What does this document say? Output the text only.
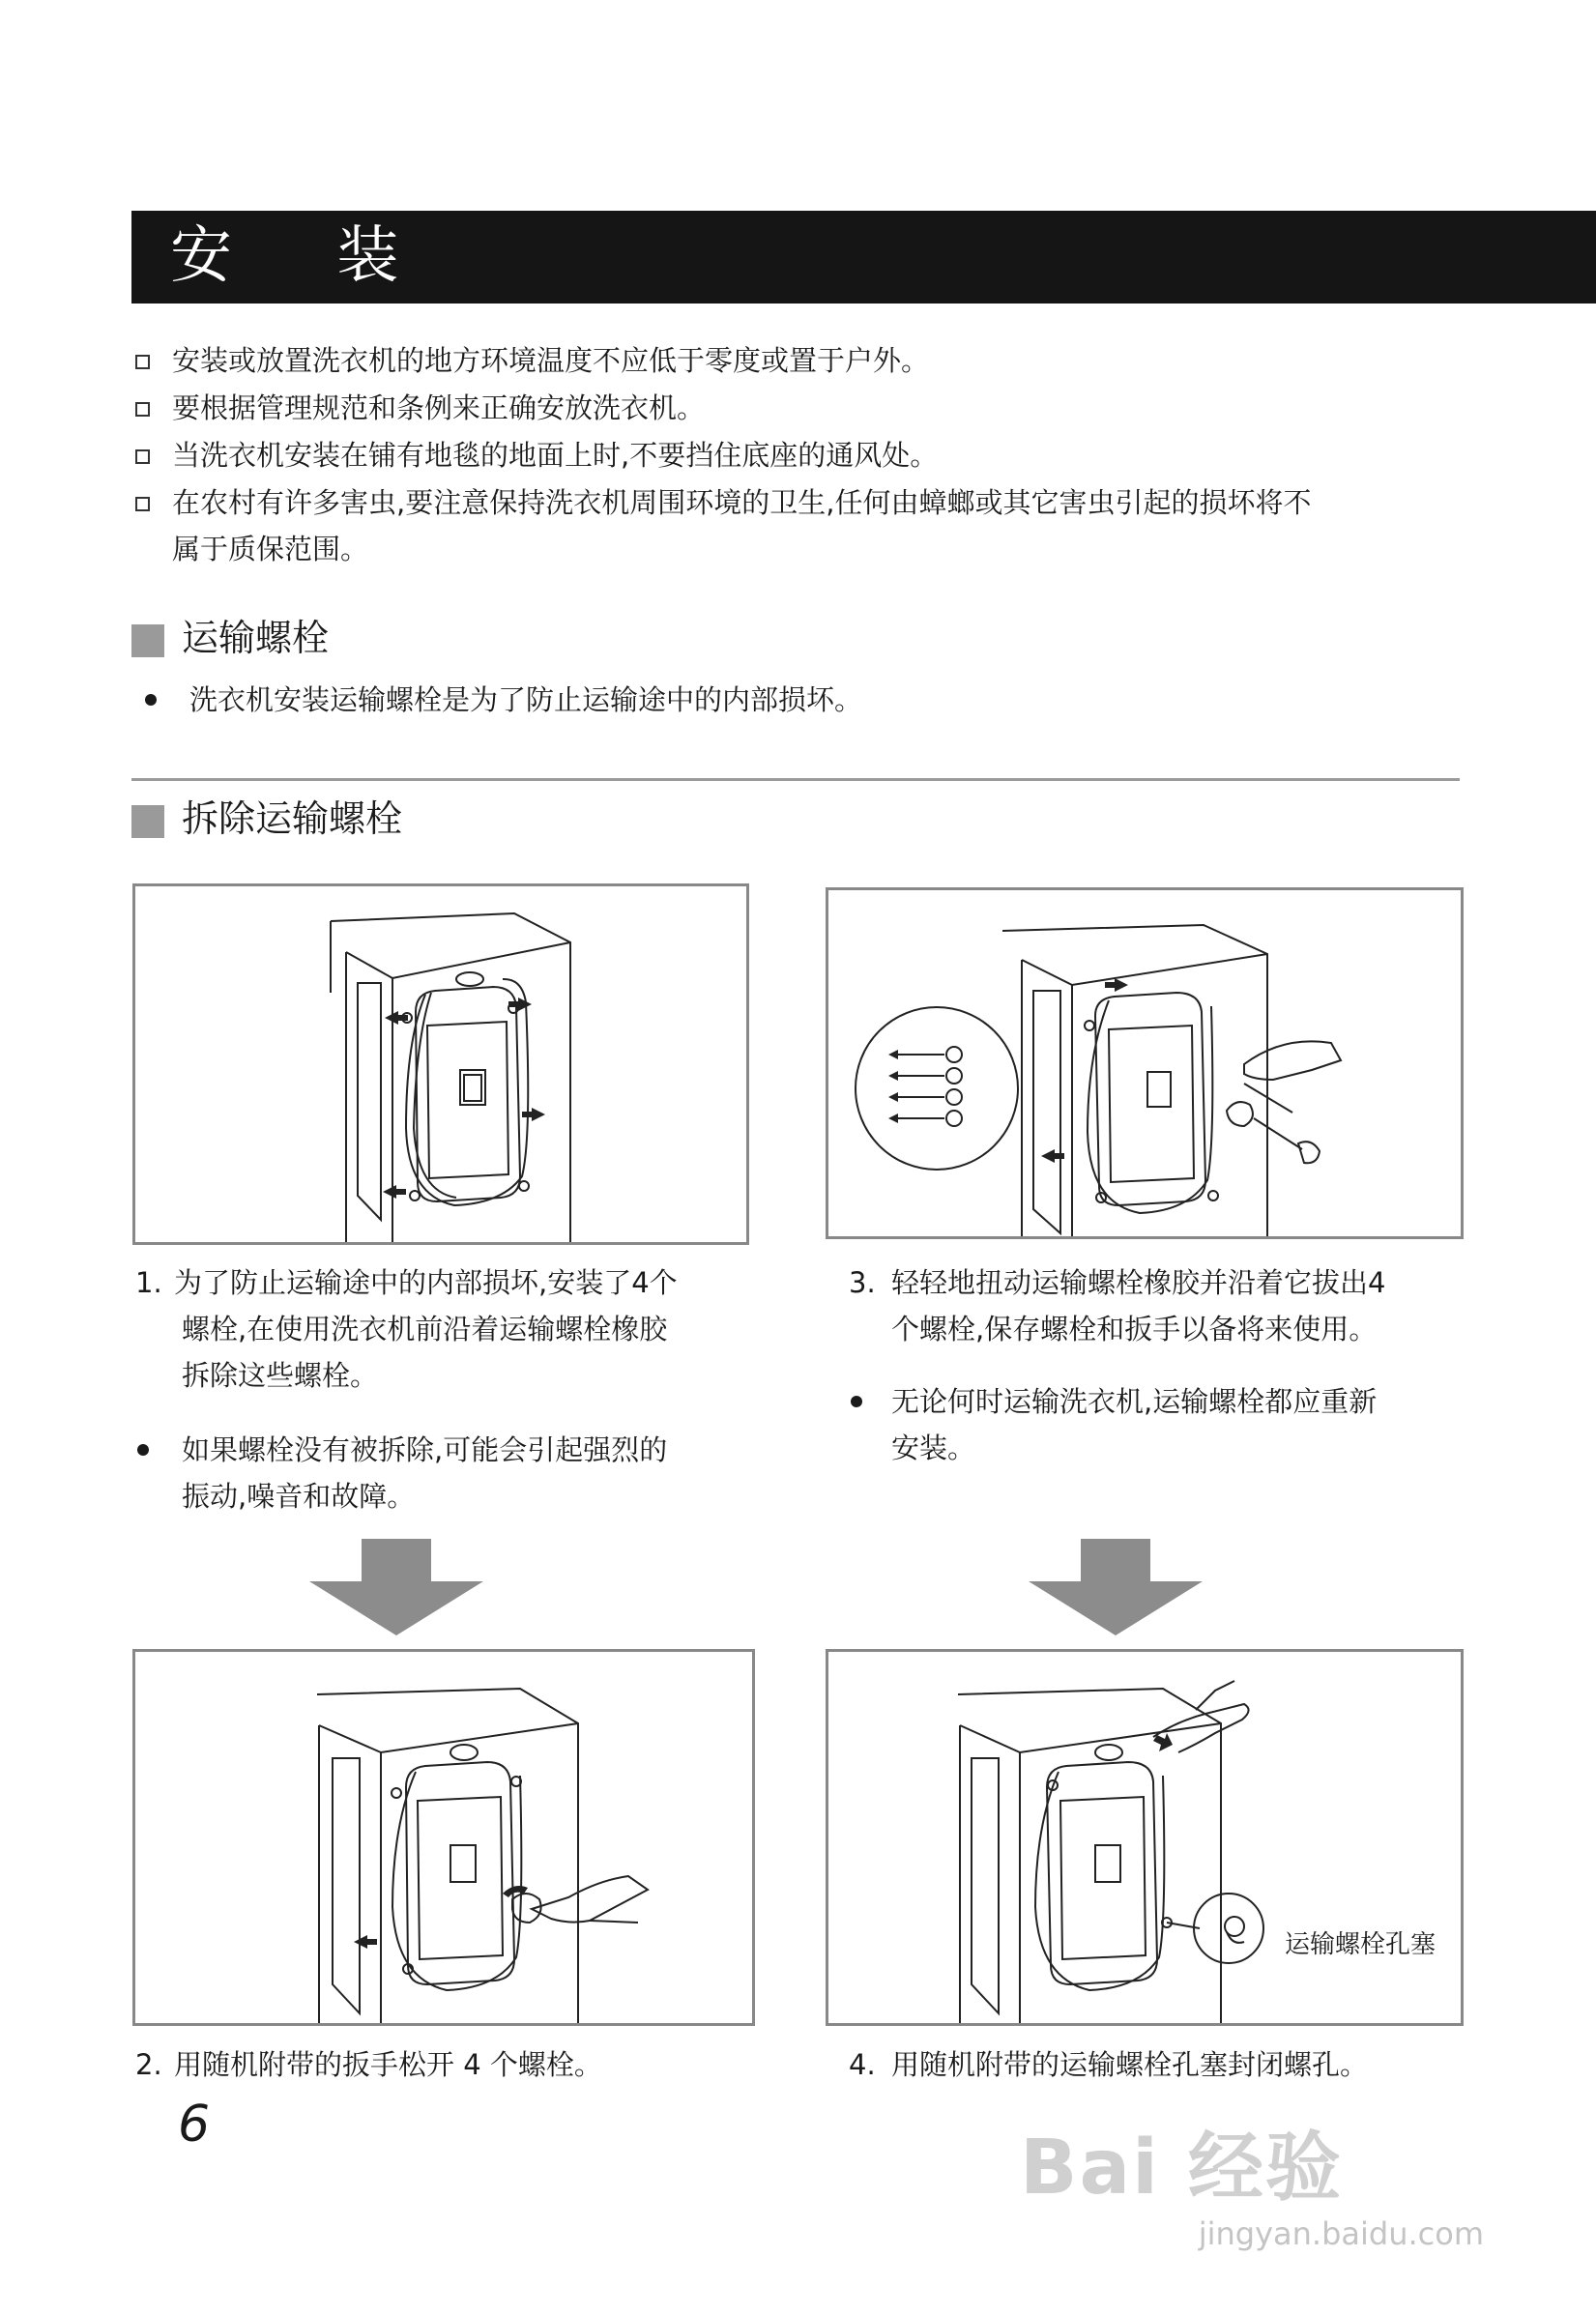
安 装
安装或放置洗衣机的地方环境温度不应低于零度或置于户外。
要根据管理规范和条例来正确安放洗衣机。
当洗衣机安装在铺有地毯的地面上时,不要挡住底座的通风处。
在农村有许多害虫,要注意保持洗衣机周围环境的卫生,任何由蟑螂或其它害虫引起的损坏将不
属于质保范围。
运输螺栓
洗衣机安装运输螺栓是为了防止运输途中的内部损坏。
拆除运输螺栓
1. 为了防止运输途中的内部损坏,安装了4个
螺栓,在使用洗衣机前沿着运输螺栓橡胶
拆除这些螺栓。
如果螺栓没有被拆除,可能会引起强烈的
振动,噪音和故障。
3. 轻轻地扭动运输螺栓橡胶并沿着它拔出4
个螺栓,保存螺栓和扳手以备将来使用。
无论何时运输洗衣机,运输螺栓都应重新
安装。
运输螺栓孔塞
2. 用随机附带的扳手松开 4 个螺栓。	4. 用随机附带的运输螺栓孔塞封闭螺孔。
6	Bai 经验
jingyan.baidu.com
